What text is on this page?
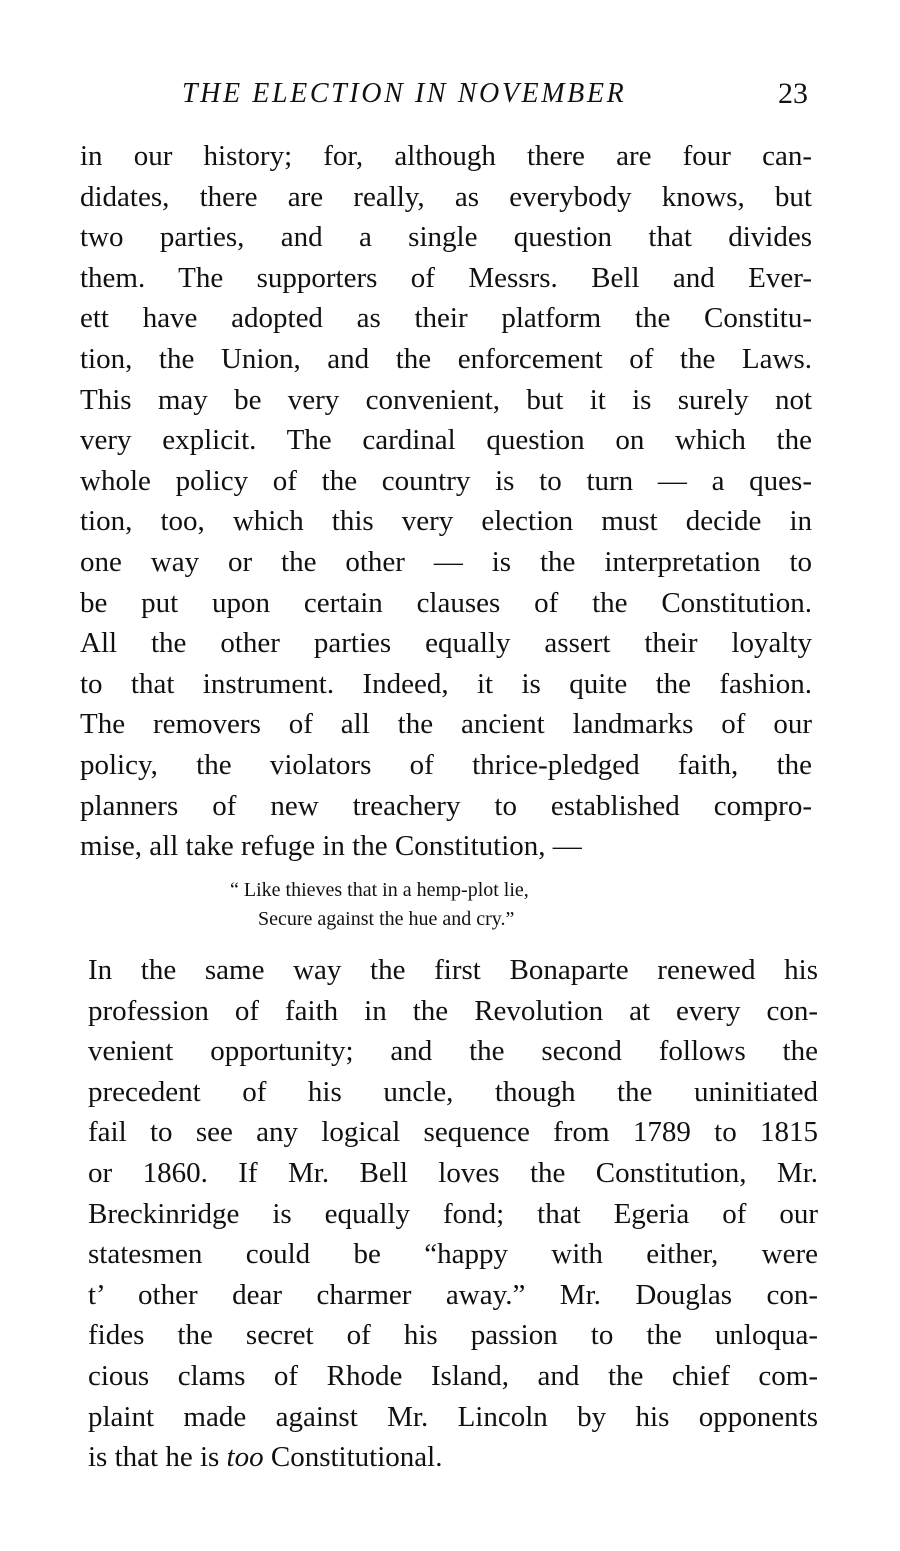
THE ELECTION IN NOVEMBER	23
in our history; for, although there are four can-
didates, there are really, as everybody knows, but
two parties, and a single question that divides
them. The supporters of Messrs. Bell and Ever-
ett have adopted as their platform the Constitu-
tion, the Union, and the enforcement of the Laws.
This may be very convenient, but it is surely not
very explicit. The cardinal question on which the
whole policy of the country is to turn — a ques-
tion, too, which this very election must decide in
one way or the other — is the interpretation to
be put upon certain clauses of the Constitution.
All the other parties equally assert their loyalty
to that instrument. Indeed, it is quite the fashion.
The removers of all the ancient landmarks of our
policy, the violators of thrice-pledged faith, the
planners of new treachery to established compro-
mise, all take refuge in the Constitution, —
“ Like thieves that in a hemp-plot lie,
Secure against the hue and cry.”
In the same way the first Bonaparte renewed his
profession of faith in the Revolution at every con-
venient opportunity; and the second follows the
precedent of his uncle, though the uninitiated
fail to see any logical sequence from 1789 to 1815
or 1860. If Mr. Bell loves the Constitution, Mr.
Breckinridge is equally fond; that Egeria of our
statesmen could be “happy with either, were
t’ other dear charmer away.” Mr. Douglas con-
fides the secret of his passion to the unloqua-
cious clams of Rhode Island, and the chief com-
plaint made against Mr. Lincoln by his opponents
is that he is too Constitutional.
